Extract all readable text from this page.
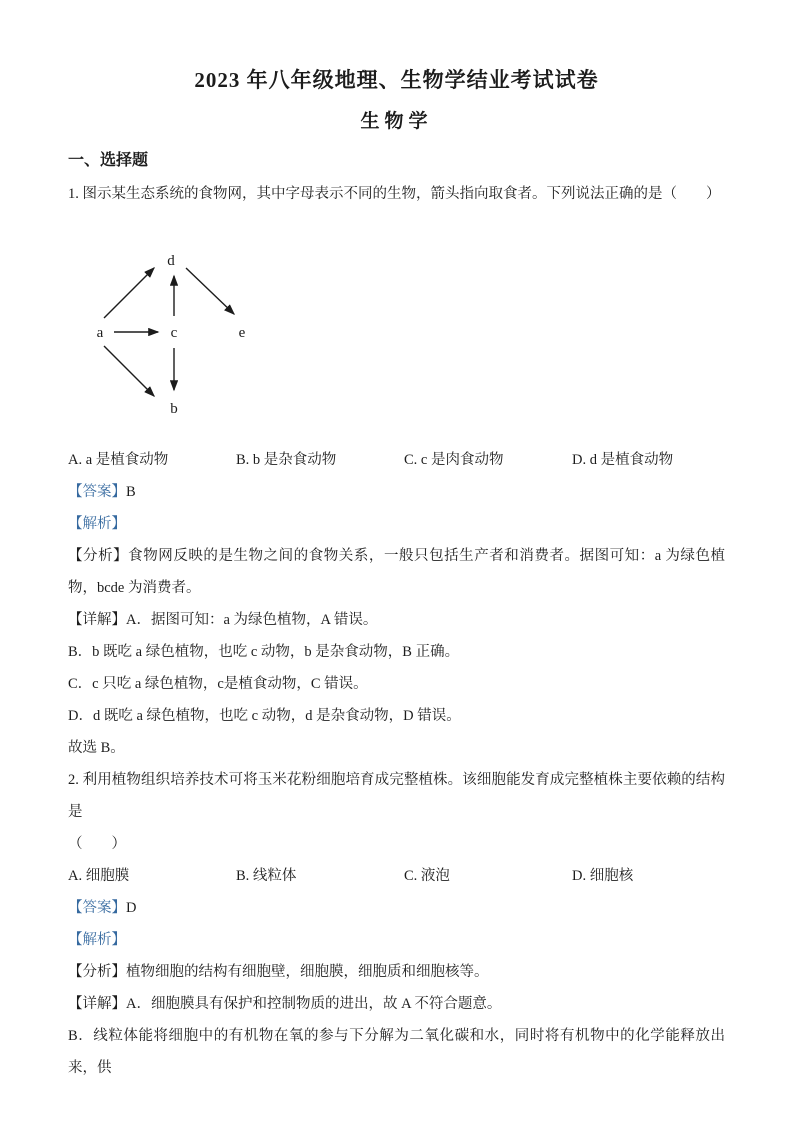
2023 年八年级地理、生物学结业考试试卷
生物学
一、选择题

1. 图示某生态系统的食物网，其中字母表示不同的生物，箭头指向取食者。下列说法正确的是（　　）

a
b
c
d
e
A. a 是植食动物	B. b 是杂食动物	C. c 是肉食动物	D. d 是植食动物

【答案】B

【解析】

【分析】食物网反映的是生物之间的食物关系，一般只包括生产者和消费者。据图可知：a 为绿色植物，bcde 为消费者。

【详解】A．据图可知：a 为绿色植物，A 错误。

B．b 既吃 a 绿色植物，也吃 c 动物，b 是杂食动物，B 正确。

C．c 只吃 a 绿色植物，c是植食动物，C 错误。

D．d 既吃 a 绿色植物，也吃 c 动物，d 是杂食动物，D 错误。

故选 B。

2. 利用植物组织培养技术可将玉米花粉细胞培育成完整植株。该细胞能发育成完整植株主要依赖的结构是

（　　）

A. 细胞膜	B. 线粒体	C. 液泡	D. 细胞核

【答案】D

【解析】

【分析】植物细胞的结构有细胞壁，细胞膜，细胞质和细胞核等。

【详解】A．细胞膜具有保护和控制物质的进出，故 A 不符合题意。

B．线粒体能将细胞中的有机物在氧的参与下分解为二氧化碳和水，同时将有机物中的化学能释放出来，供
